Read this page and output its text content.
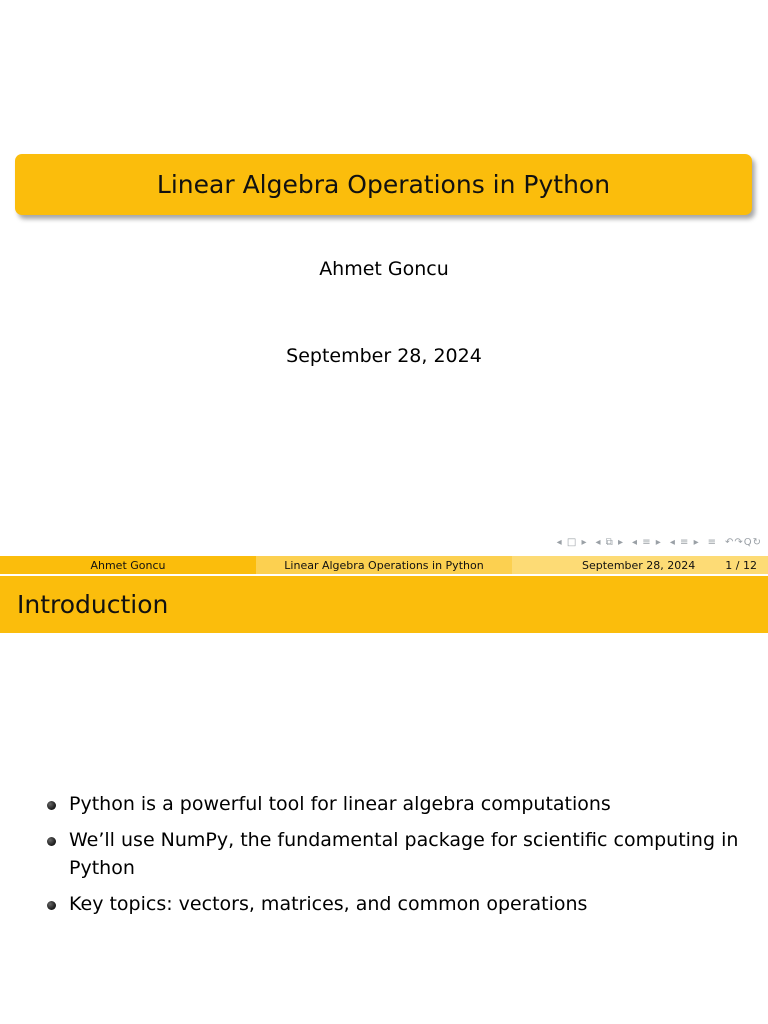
Linear Algebra Operations in Python
Ahmet Goncu
September 28, 2024
◂ □ ▸ ◂ ⧉ ▸ ◂ ≡ ▸ ◂ ≡ ▸ ≡ ↶↷Q↻
Ahmet Goncu	Linear Algebra Operations in Python	September 28, 2024	1 / 12
Introduction
Python is a powerful tool for linear algebra computations
We’ll use NumPy, the fundamental package for scientific computing in Python
Key topics: vectors, matrices, and common operations
